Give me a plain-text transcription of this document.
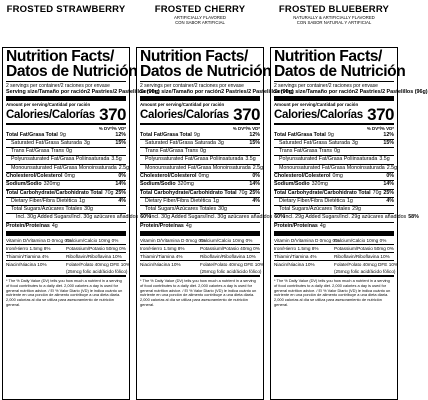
FROSTED STRAWBERRY	FROSTED CHERRY
ARTIFICIALLY FLAVORED
CON SABOR ARTIFICIAL
FROSTED BLUEBERRY
NATURALLY & ARTIFICIALLY FLAVORED
CON SABOR NATURAL Y ARTIFICIAL
Nutrition Facts/
Datos de Nutrición
2 servings per container/2 raciones por envase
Serving size/Tamaño por ración 2 Pastries/2 Pastelillos (96g)
Amount per serving/Cantidad por ración
Calories/Calorías 370
% DV*/% VD*
Total Fat/Grasa Total 9g	12%
Saturated Fat/Grasa Saturada 3g	15%
Trans Fat/Grasa Trans 0g
Polyunsaturated Fat/Grasa Poliinsaturada 3.5g
Monounsaturated Fat/Grasa Monoinsaturada 2.5g
Cholesterol/Colesterol 0mg	0%
Sodium/Sodio 320mg	14%
Total Carbohydrate/Carbohidrato Total 70g 25%
Dietary Fiber/Fibra Dietética 1g	4%
Total Sugars/Azúcares Totales 30g
Incl. 30g Added Sugars/Incl. 30g azúcares añadidos 60%
Protein/Proteínas 4g
Vitamin D/Vitamina D 0mcg 0%
Calcium/Calcio 10mg 0%
Iron/Hierro 1.5mg 8%	Potassium/Potasio 50mg 0%
Thiamin/Tiamina 4%	Riboflavin/Riboflavina 10%
Niacin/Niacina 10%	Folate/Folato 40mcg DFE 10%
(25mcg folic acid/ácido fólico)
* The % Daily Value (DV) tells you how much a nutrient in a serving of food contributes to a daily diet. 2,000 calories a day is used for general nutrition advice. / El % Valor Diario (VD) le indica cuánto un nutriente en una porción de alimento contribuye a una dieta diaria. 2,000 calorías al día se utiliza para asesoramiento de nutrición general.
Nutrition Facts/
Datos de Nutrición
2 servings per container/2 raciones por envase
Serving size/Tamaño por ración 2 Pastries/2 Pastelillos (96g)
Amount per serving/Cantidad por ración
Calories/Calorías 370
% DV*/% VD*
Total Fat/Grasa Total 9g	12%
Saturated Fat/Grasa Saturada 3g	15%
Trans Fat/Grasa Trans 0g
Polyunsaturated Fat/Grasa Poliinsaturada 3.5g
Monounsaturated Fat/Grasa Monoinsaturada 2.5g
Cholesterol/Colesterol 0mg	0%
Sodium/Sodio 320mg	14%
Total Carbohydrate/Carbohidrato Total 70g 25%
Dietary Fiber/Fibra Dietética 1g	4%
Total Sugars/Azúcares Totales 30g
Incl. 30g Added Sugars/Incl. 30g azúcares añadidos 60%
Protein/Proteínas 4g
Vitamin D/Vitamina D 0mcg 0%
Calcium/Calcio 10mg 0%
Iron/Hierro 1.5mg 8%	Potassium/Potasio 40mg 0%
Thiamin/Tiamina 4%	Riboflavin/Riboflavina 10%
Niacin/Niacina 10%	Folate/Folato 40mcg DFE 10%
(25mcg folic acid/ácido fólico)
* The % Daily Value (DV) tells you how much a nutrient in a serving of food contributes to a daily diet. 2,000 calories a day is used for general nutrition advice. / El % Valor Diario (VD) le indica cuánto un nutriente en una porción de alimento contribuye a una dieta diaria. 2,000 calorías al día se utiliza para asesoramiento de nutrición general.
Nutrition Facts/
Datos de Nutrición
2 servings per container/2 raciones por envase
Serving size/Tamaño por ración 2 Pastries/2 Pastelillos (96g)
Amount per serving/Cantidad por ración
Calories/Calorías 370
% DV*/% VD*
Total Fat/Grasa Total 9g	12%
Saturated Fat/Grasa Saturada 3g	15%
Trans Fat/Grasa Trans 0g
Polyunsaturated Fat/Grasa Poliinsaturada 3.5g
Monounsaturated Fat/Grasa Monoinsaturada 2.5g
Cholesterol/Colesterol 0mg	0%
Sodium/Sodio 320mg	14%
Total Carbohydrate/Carbohidrato Total 70g 25%
Dietary Fiber/Fibra Dietética 1g	4%
Total Sugars/Azúcares Totales 29g
Incl. 29g Added Sugars/Incl. 29g azúcares añadidos 58%
Protein/Proteínas 4g
Vitamin D/Vitamina D 0mcg 0%
Calcium/Calcio 10mg 0%
Iron/Hierro 1.5mg 8%	Potassium/Potasio 50mg 0%
Thiamin/Tiamina 4%	Riboflavin/Riboflavina 10%
Niacin/Niacina 10%	Folate/Folato 40mcg DFE 10%
(25mcg folic acid/ácido fólico)
* The % Daily Value (DV) tells you how much a nutrient in a serving of food contributes to a daily diet. 2,000 calories a day is used for general nutrition advice. / El % Valor Diario (VD) le indica cuánto un nutriente en una porción de alimento contribuye a una dieta diaria. 2,000 calorías al día se utiliza para asesoramiento de nutrición general.
